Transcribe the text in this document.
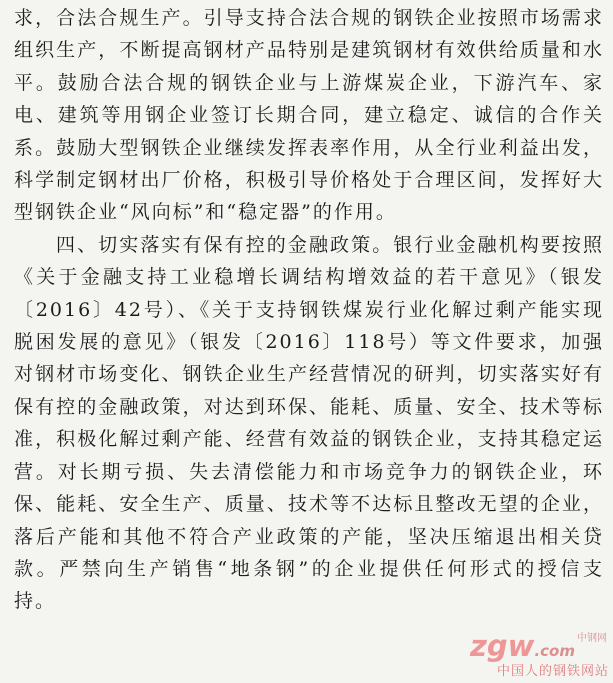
求，合法合规生产。引导支持合法合规的钢铁企业按照市场需求组织生产，不断提高钢材产品特别是建筑钢材有效供给质量和水平。鼓励合法合规的钢铁企业与上游煤炭企业，下游汽车、家电、建筑等用钢企业签订长期合同，建立稳定、诚信的合作关系。鼓励大型钢铁企业继续发挥表率作用，从全行业利益出发，科学制定钢材出厂价格，积极引导价格处于合理区间，发挥好大型钢铁企业“风向标”和“稳定器”的作用。

四、切实落实有保有控的金融政策。银行业金融机构要按照《关于金融支持工业稳增长调结构增效益的若干意见》（银发〔2016〕42号）、《关于支持钢铁煤炭行业化解过剩产能实现脱困发展的意见》（银发〔2016〕118号）等文件要求，加强对钢材市场变化、钢铁企业生产经营情况的研判，切实落实好有保有控的金融政策，对达到环保、能耗、质量、安全、技术等标准，积极化解过剩产能、经营有效益的钢铁企业，支持其稳定运营。对长期亏损、失去清偿能力和市场竞争力的钢铁企业，环保、能耗、安全生产、质量、技术等不达标且整改无望的企业，落后产能和其他不符合产业政策的产能，坚决压缩退出相关贷款。严禁向生产销售“地条钢”的企业提供任何形式的授信支持。

zgw.com
中钢网
中国人的钢铁网站
